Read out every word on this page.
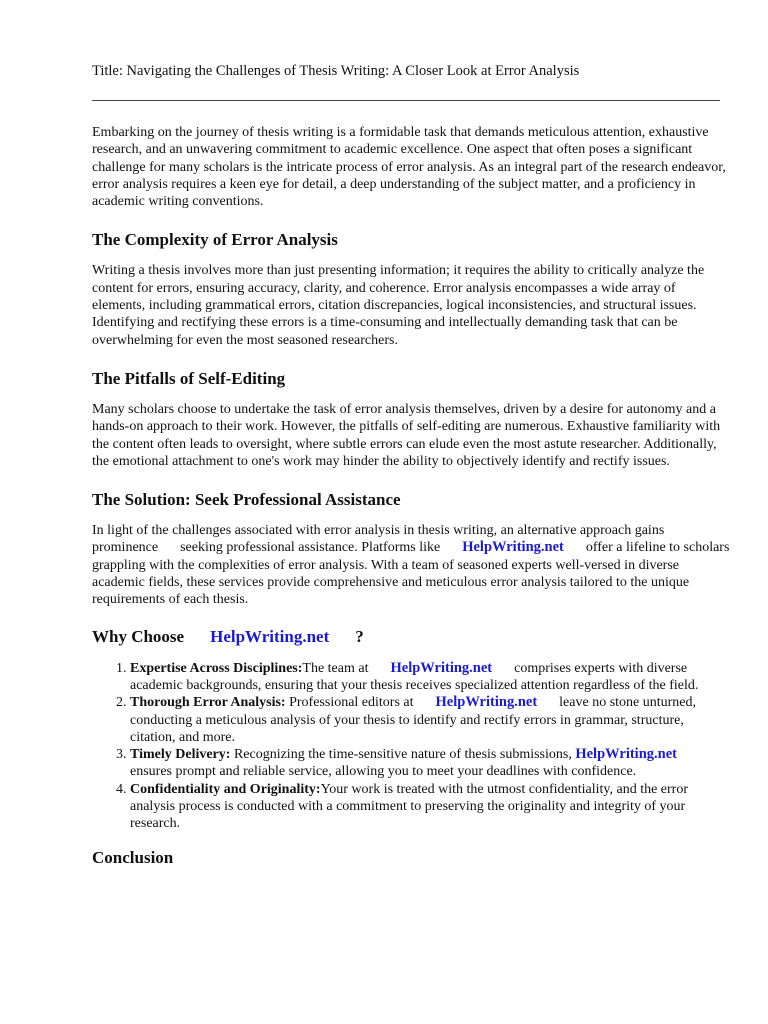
Title: Navigating the Challenges of Thesis Writing: A Closer Look at Error Analysis

Embarking on the journey of thesis writing is a formidable task that demands meticulous attention, exhaustive research, and an unwavering commitment to academic excellence. One aspect that often poses a significant challenge for many scholars is the intricate process of error analysis. As an integral part of the research endeavor, error analysis requires a keen eye for detail, a deep understanding of the subject matter, and a proficiency in academic writing conventions.

The Complexity of Error Analysis

Writing a thesis involves more than just presenting information; it requires the ability to critically analyze the content for errors, ensuring accuracy, clarity, and coherence. Error analysis encompasses a wide array of elements, including grammatical errors, citation discrepancies, logical inconsistencies, and structural issues. Identifying and rectifying these errors is a time-consuming and intellectually demanding task that can be overwhelming for even the most seasoned researchers.

The Pitfalls of Self-Editing

Many scholars choose to undertake the task of error analysis themselves, driven by a desire for autonomy and a hands-on approach to their work. However, the pitfalls of self-editing are numerous. Exhaustive familiarity with the content often leads to oversight, where subtle errors can elude even the most astute researcher. Additionally, the emotional attachment to one's work may hinder the ability to objectively identify and rectify issues.

The Solution: Seek Professional Assistance

In light of the challenges associated with error analysis in thesis writing, an alternative approach gains prominence seeking professional assistance. Platforms like HelpWriting.net offer a lifeline to scholars grappling with the complexities of error analysis. With a team of seasoned experts well-versed in diverse academic fields, these services provide comprehensive and meticulous error analysis tailored to the unique requirements of each thesis.

Why Choose HelpWriting.net ?
1. Expertise Across Disciplines:The team at HelpWriting.net comprises experts with diverse academic backgrounds, ensuring that your thesis receives specialized attention regardless of the field.
2. Thorough Error Analysis: Professional editors at HelpWriting.net leave no stone unturned, conducting a meticulous analysis of your thesis to identify and rectify errors in grammar, structure, citation, and more.
3. Timely Delivery: Recognizing the time-sensitive nature of thesis submissions, HelpWriting.netensures prompt and reliable service, allowing you to meet your deadlines with confidence.
4. Confidentiality and Originality:Your work is treated with the utmost confidentiality, and the error analysis process is conducted with a commitment to preserving the originality and integrity of your research.
Conclusion
